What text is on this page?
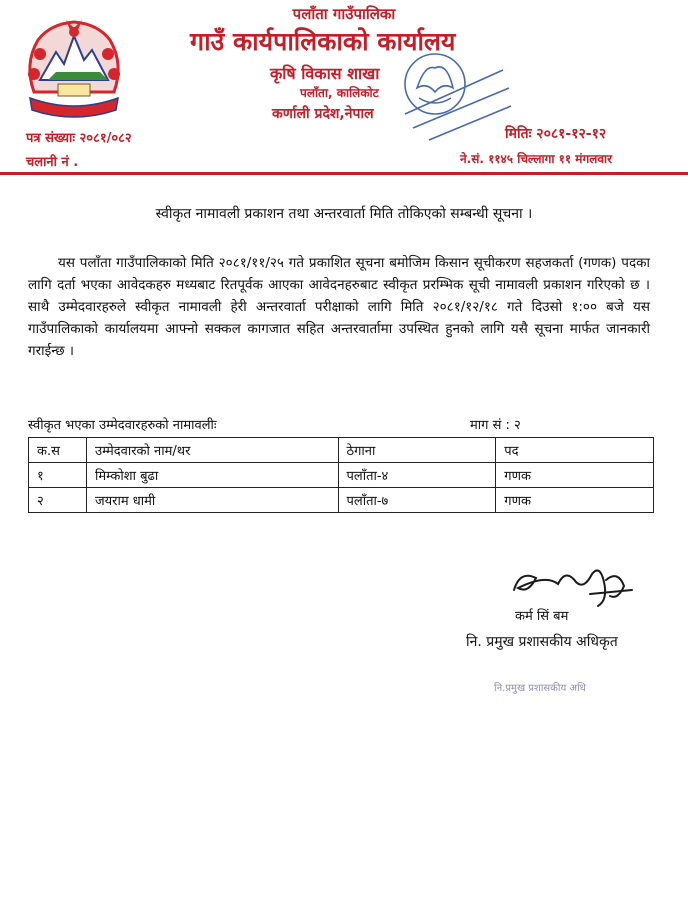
पलाँता गाउँपालिका
गाउँ कार्यपालिकाको कार्यालय
कृषि विकास शाखा
पलाँता, कालिकोट
कर्णाली प्रदेश,नेपाल
पत्र संख्याः २०८१/०८२
चलानी नं .
मितिः २०८१-१२-१२
ने.सं. ११४५ चिल्लागा ११ मंगलवार
स्वीकृत नामावली प्रकाशन तथा अन्तरवार्ता मिति तोकिएको सम्बन्धी सूचना ।
यस पलाँता गाउँपालिकाको मिति २०८१/११/२५ गते प्रकाशित सूचना बमोजिम किसान सूचीकरण सहजकर्ता (गणक) पदका लागि दर्ता भएका आवेदकहरु मध्यबाट रितपूर्वक आएका आवेदनहरुबाट स्वीकृत प्ररम्भिक सूची नामावली प्रकाशन गरिएको छ । साथै उम्मेदवारहरुले स्वीकृत नामावली हेरी अन्तरवार्ता परीक्षाको लागि मिति २०८१/१२/१८ गते दिउसो १:०० बजे यस गाउँपालिकाको कार्यालयमा आफ्नो सक्कल कागजात सहित अन्तरवार्तामा उपस्थित हुनको लागि यसै सूचना मार्फत जानकारी गराईन्छ ।
स्वीकृत भएका उम्मेदवारहरुको नामावलीः	माग सं : २
क.स	उम्मेदवारको नाम/थर	ठेगाना	पद
१	मिम्कोशा बुढा	पलाँता-४	गणक
२	जयराम धामी	पलाँता-७	गणक
कर्म सिं बम
नि. प्रमुख प्रशासकीय अधिकृत
नि.प्रमुख प्रशासकीय अधि
